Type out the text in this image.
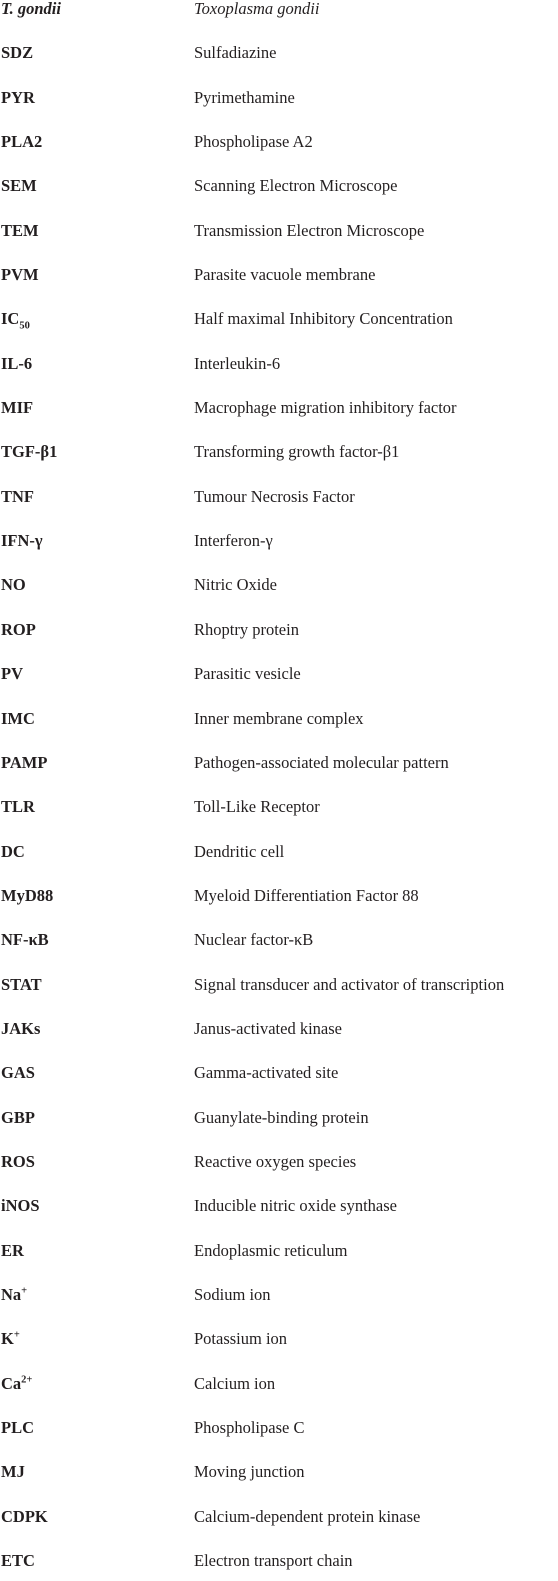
T. gondii	Toxoplasma gondii
SDZ	Sulfadiazine
PYR	Pyrimethamine
PLA2	Phospholipase A2
SEM	Scanning Electron Microscope
TEM	Transmission Electron Microscope
PVM	Parasite vacuole membrane
$IC_{50}$	Half maximal Inhibitory Concentration
IL-6	Interleukin-6
MIF	Macrophage migration inhibitory factor
TGF-β1	Transforming growth factor-β1
TNF	Tumour Necrosis Factor
IFN-γ	Interferon-γ
NO	Nitric Oxide
ROP	Rhoptry protein
PV	Parasitic vesicle
IMC	Inner membrane complex
PAMP	Pathogen-associated molecular pattern
TLR	Toll-Like Receptor
DC	Dendritic cell
MyD88	Myeloid Differentiation Factor 88
NF-κB	Nuclear factor-κB
STAT	Signal transducer and activator of transcription
JAKs	Janus-activated kinase
GAS	Gamma-activated site
GBP	Guanylate-binding protein
ROS	Reactive oxygen species
iNOS	Inducible nitric oxide synthase
ER	Endoplasmic reticulum
Na+	Sodium ion
K+	Potassium ion
$Ca^{2+}$	Calcium ion
PLC	Phospholipase C
MJ	Moving junction
CDPK	Calcium-dependent protein kinase
ETC	Electron transport chain
